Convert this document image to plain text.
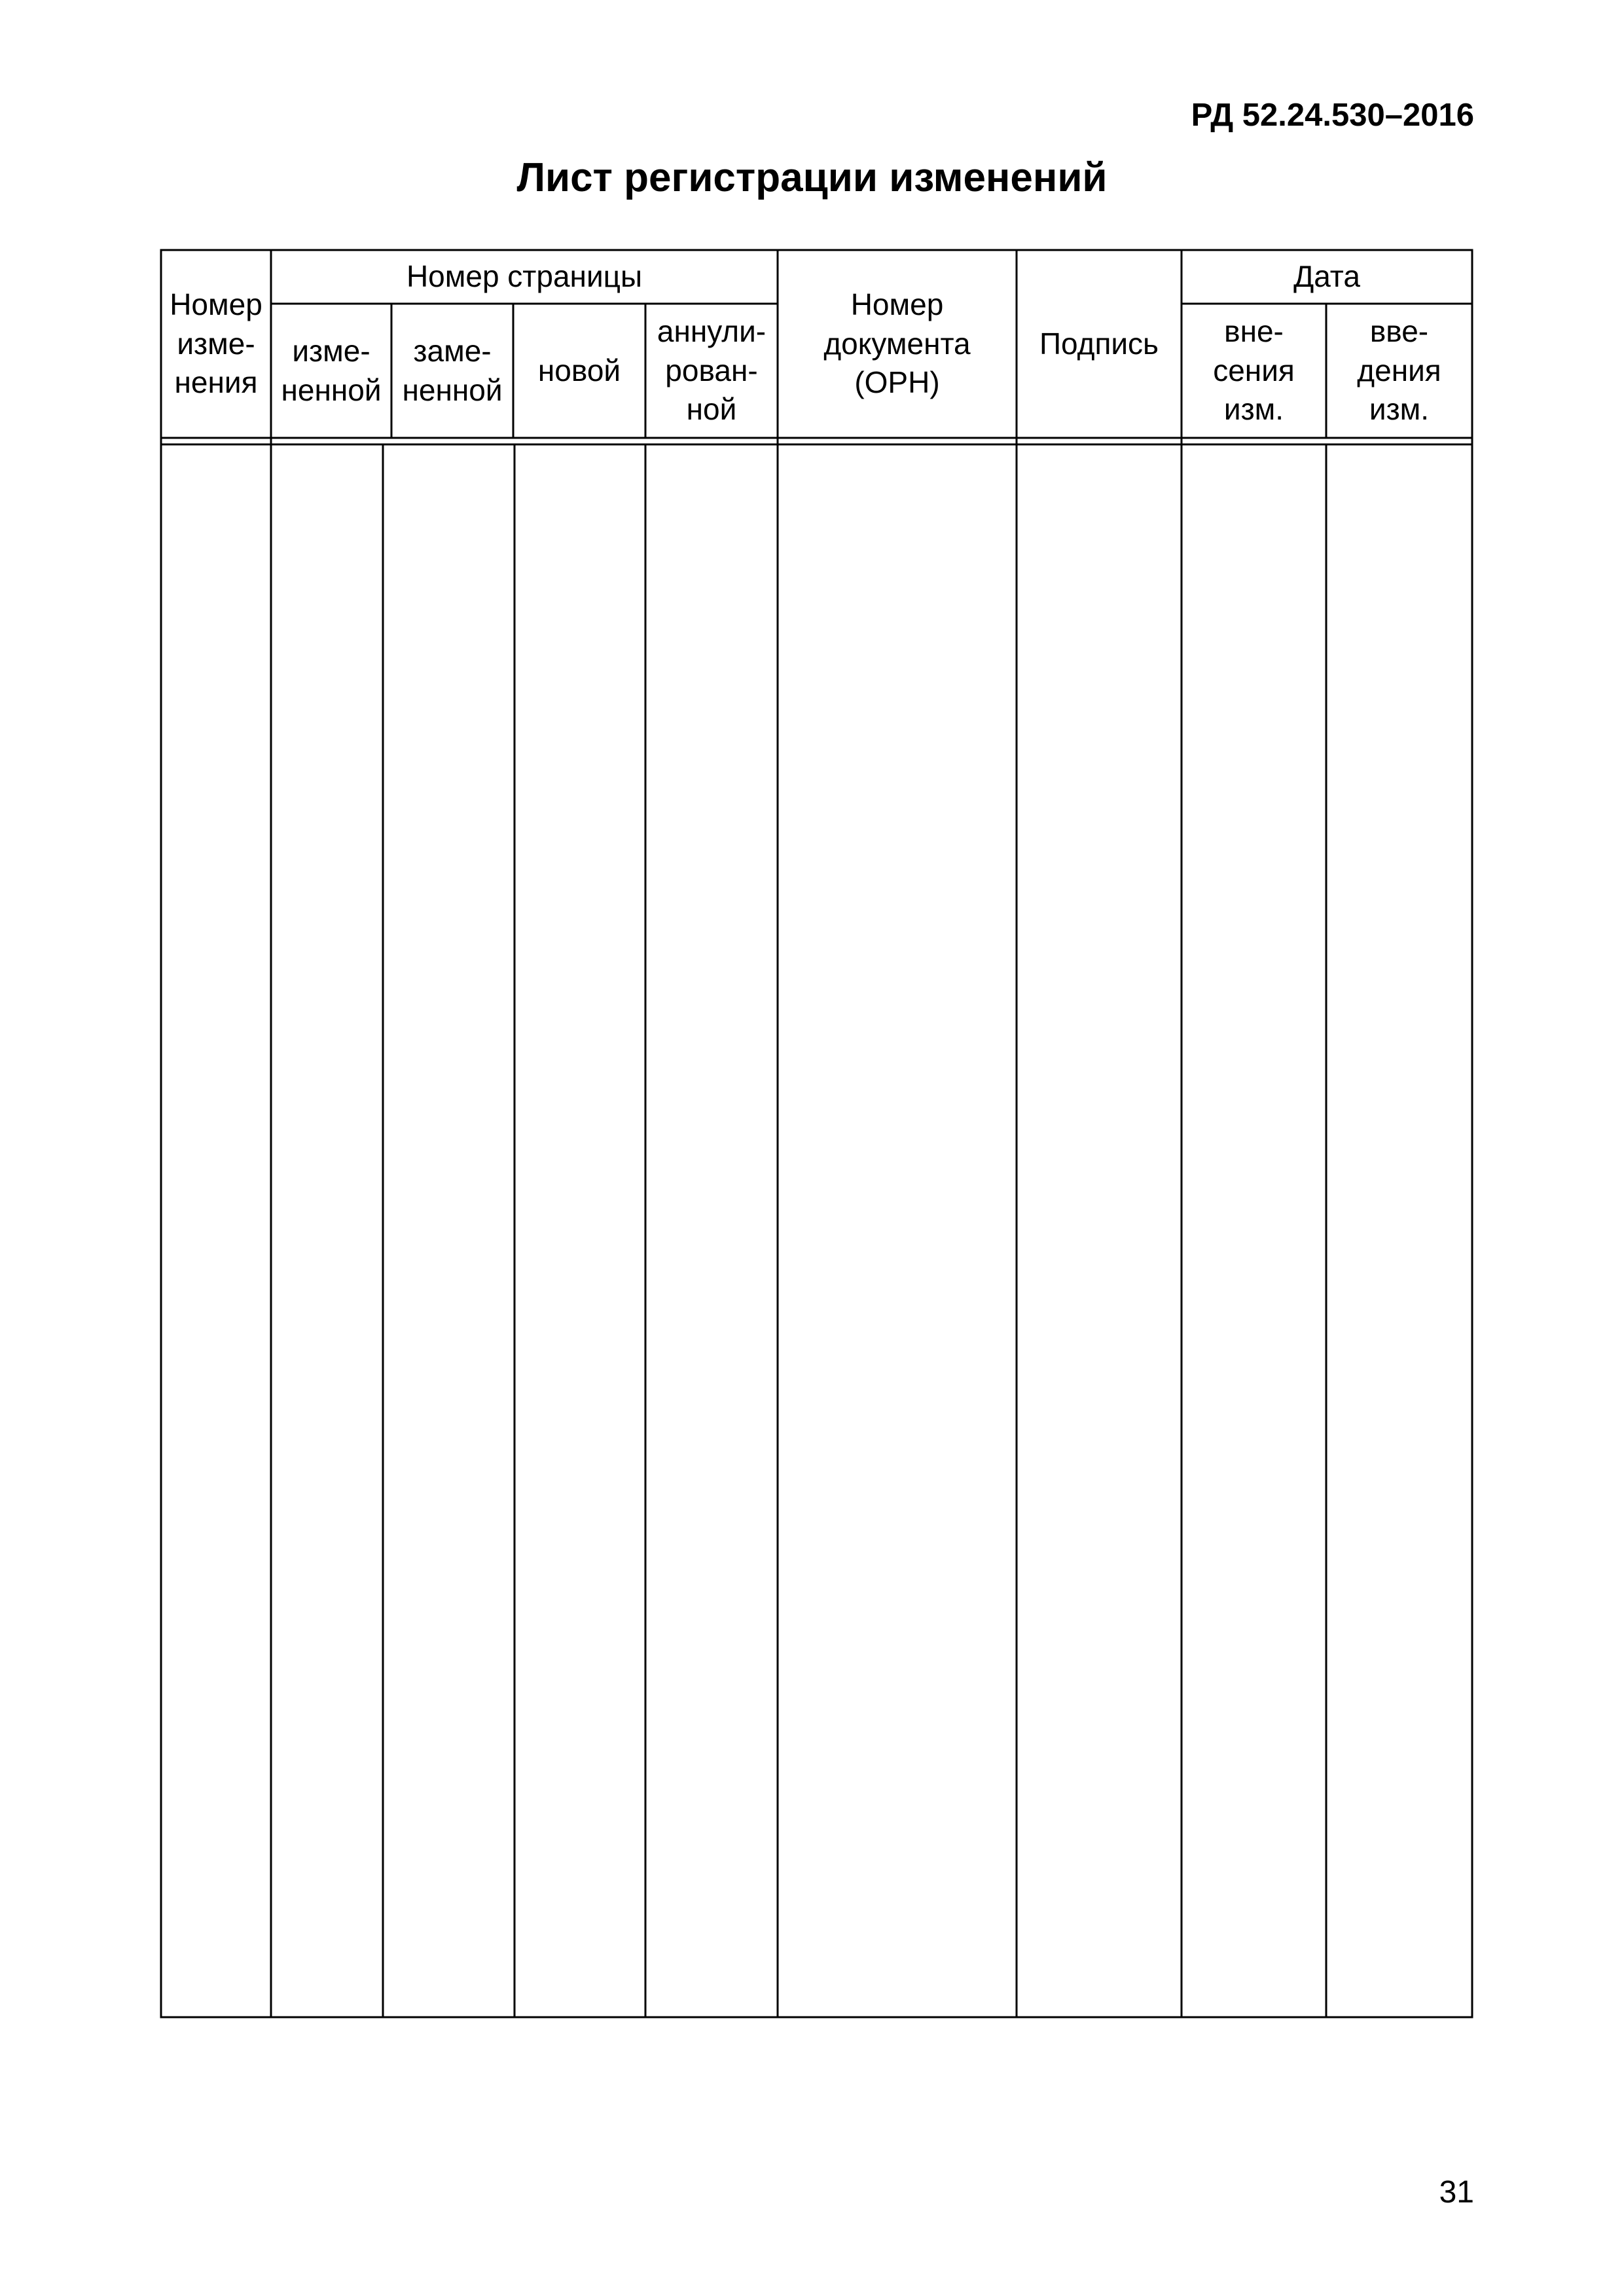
РД 52.24.530–2016
Лист регистрации изменений
Номер
изме-
нения
Номер страницы
изме-
ненной
заме-
ненной
новой
аннули-
рован-
ной
Номер
документа
(ОРН)
Подпись
Дата
вне-
сения
изм.
вве-
дения
изм.
31
